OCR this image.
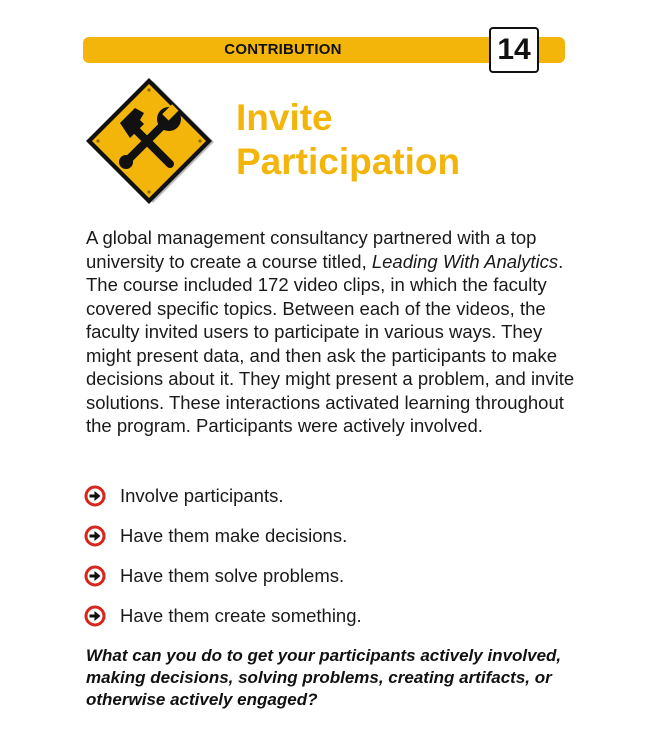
CONTRIBUTION	14
Invite
Participation

A global management consultancy partnered with a top university to create a course titled, Leading With Analytics. The course included 172 video clips, in which the faculty covered specific topics. Between each of the videos, the faculty invited users to participate in various ways. They might present data, and then ask the participants to make decisions about it. They might present a problem, and invite solutions. These interactions activated learning throughout the program. Participants were actively involved.

Involve participants.
Have them make decisions.
Have them solve problems.
Have them create something.

What can you do to get your participants actively involved, making decisions, solving problems, creating artifacts, or otherwise actively engaged?
